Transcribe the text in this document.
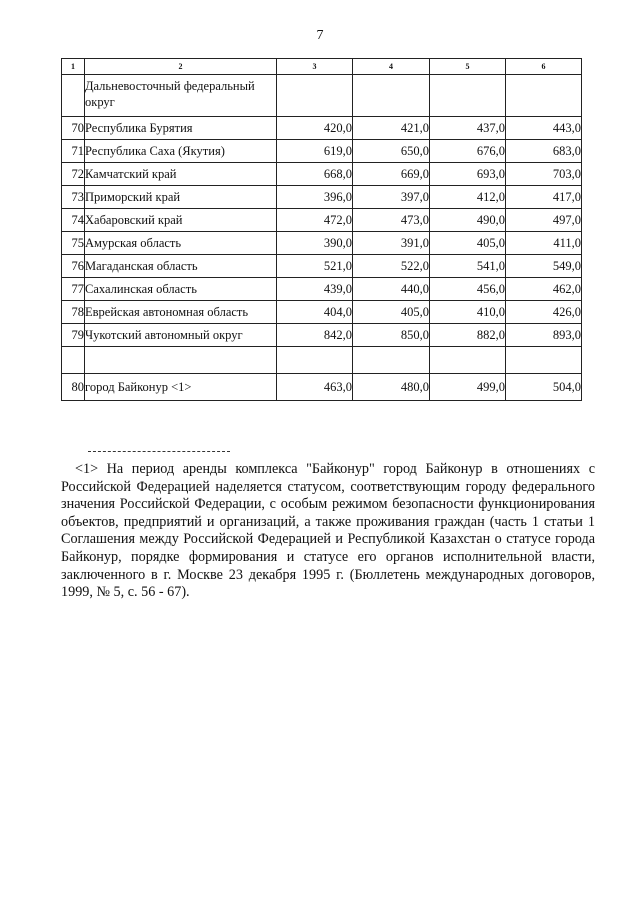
7
1	2	3	4	5	6
	Дальневосточный федеральный округ				
70	Республика Бурятия	420,0	421,0	437,0	443,0
71	Республика Саха (Якутия)	619,0	650,0	676,0	683,0
72	Камчатский край	668,0	669,0	693,0	703,0
73	Приморский край	396,0	397,0	412,0	417,0
74	Хабаровский край	472,0	473,0	490,0	497,0
75	Амурская область	390,0	391,0	405,0	411,0
76	Магаданская область	521,0	522,0	541,0	549,0
77	Сахалинская область	439,0	440,0	456,0	462,0
78	Еврейская автономная область	404,0	405,0	410,0	426,0
79	Чукотский автономный округ	842,0	850,0	882,0	893,0

80	город Байконур <1>	463,0	480,0	499,0	504,0

<1> На период аренды комплекса "Байконур" город Байконур в отношениях с Российской Федерацией наделяется статусом, соответствующим городу федерального значения Российской Федерации, с особым режимом безопасности функционирования объектов, предприятий и организаций, а также проживания граждан (часть 1 статьи 1 Соглашения между Российской Федерацией и Республикой Казахстан о статусе города Байконур, порядке формирования и статусе его органов исполнительной власти, заключенного в г. Москве 23 декабря 1995 г. (Бюллетень международных договоров, 1999, № 5, с. 56 - 67).
